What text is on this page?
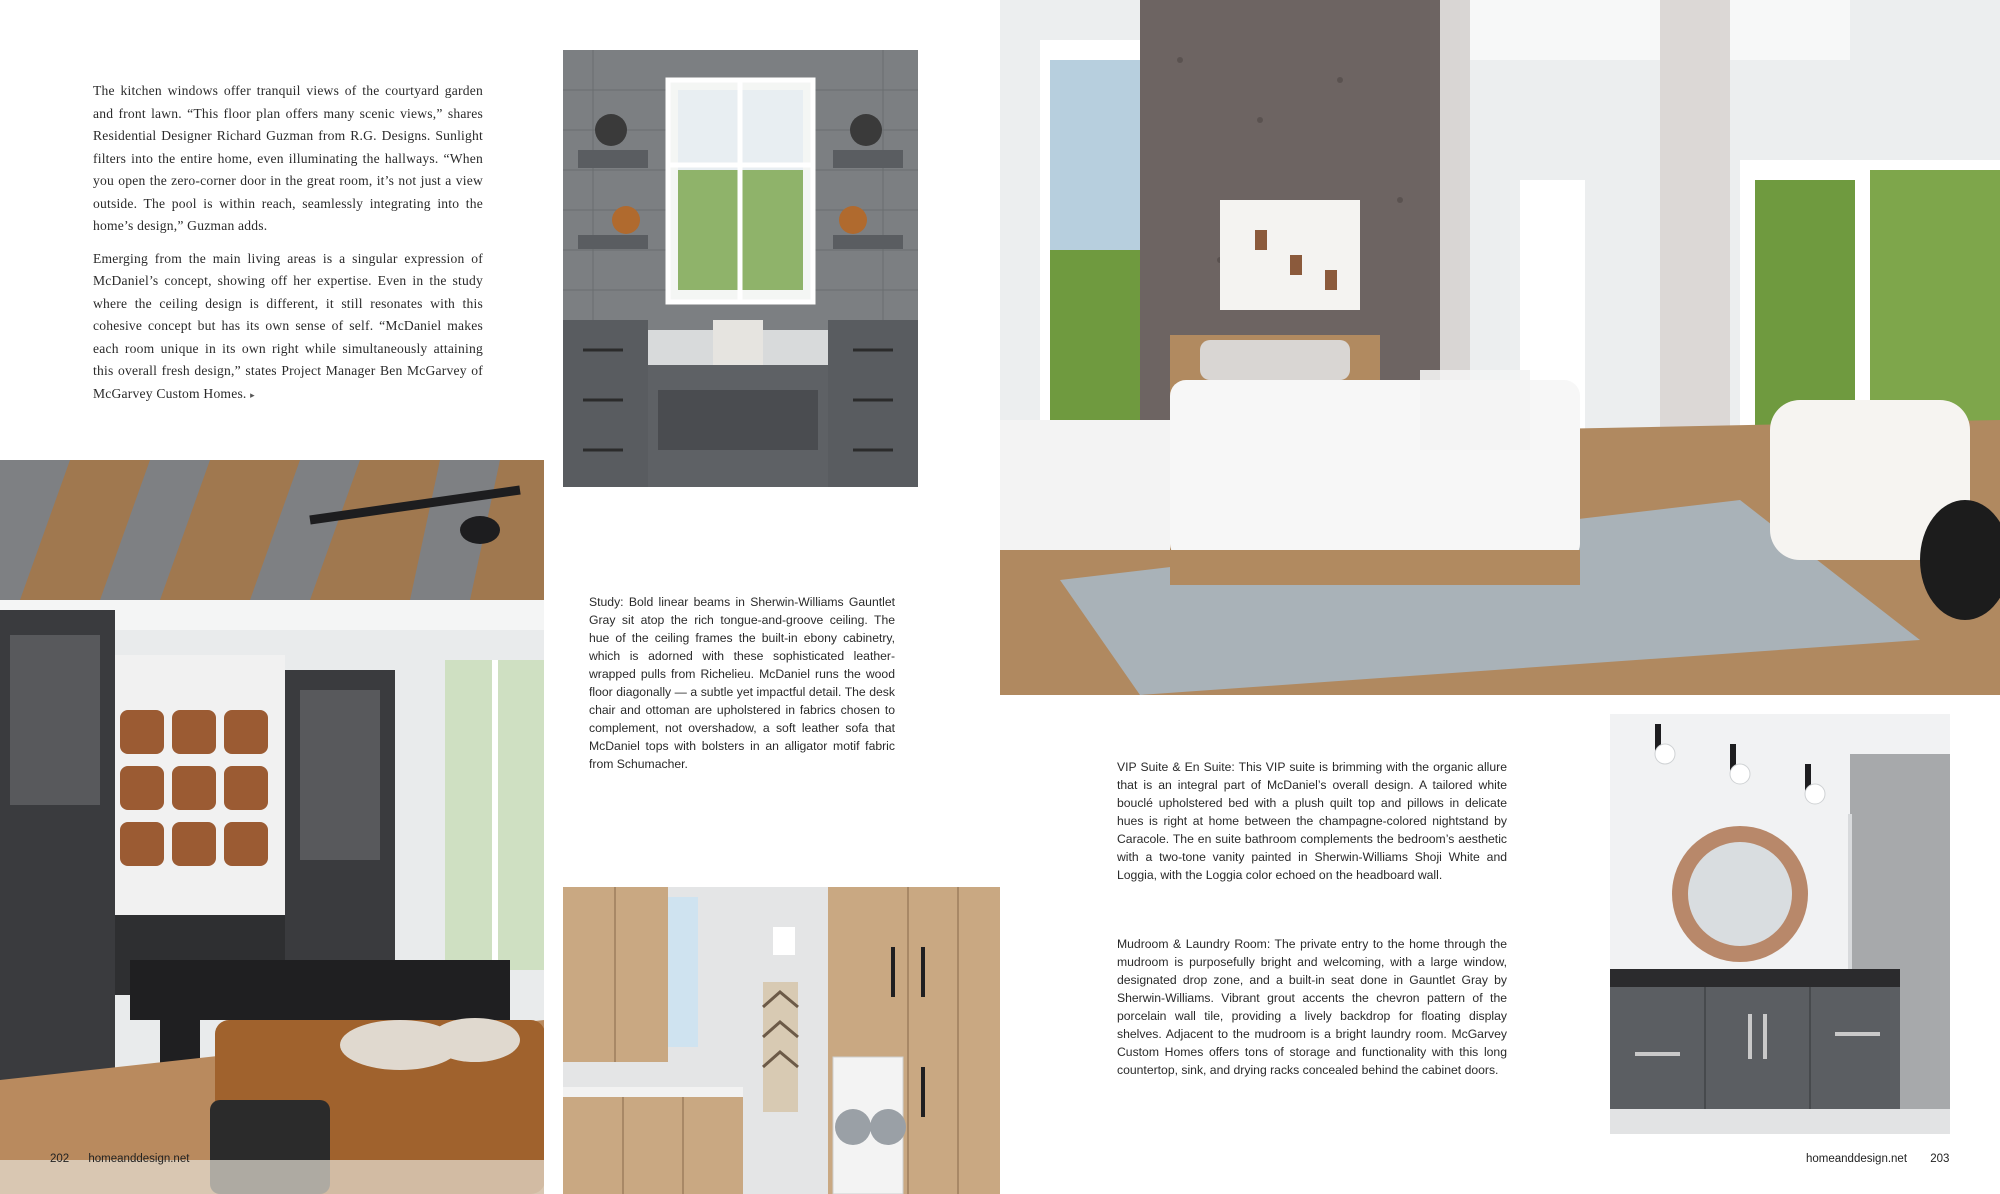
The kitchen windows offer tranquil views of the courtyard garden and front lawn. “This floor plan offers many scenic views,” shares Residential Designer Richard Guzman from R.G. Designs. Sunlight filters into the entire home, even illuminating the hallways. “When you open the zero-corner door in the great room, it’s not just a view outside. The pool is within reach, seamlessly integrating into the home’s design,” Guzman adds.

Emerging from the main living areas is a singular expression of McDaniel’s concept, showing off her expertise. Even in the study where the ceiling design is different, it still resonates with this cohesive concept but has its own sense of self. “McDaniel makes each room unique in its own right while simultaneously attaining this overall fresh design,” states Project Manager Ben McGarvey of McGarvey Custom Homes. ▸

Study: Bold linear beams in Sherwin-Williams Gauntlet Gray sit atop the rich tongue-and-groove ceiling. The hue of the ceiling frames the built-in ebony cabinetry, which is adorned with these sophisticated leather-wrapped pulls from Richelieu. McDaniel runs the wood floor diagonally — a subtle yet impactful detail. The desk chair and ottoman are upholstered in fabrics chosen to complement, not overshadow, a soft leather sofa that McDaniel tops with bolsters in an alligator motif fabric from Schumacher.

202 homeanddesign.net

VIP Suite & En Suite: This VIP suite is brimming with the organic allure that is an integral part of McDaniel’s overall design. A tailored white bouclé upholstered bed with a plush quilt top and pillows in delicate hues is right at home between the champagne-colored nightstand by Caracole. The en suite bathroom complements the bedroom’s aesthetic with a two-tone vanity painted in Sherwin-Williams Shoji White and Loggia, with the Loggia color echoed on the headboard wall.

Mudroom & Laundry Room: The private entry to the home through the mudroom is purposefully bright and welcoming, with a large window, designated drop zone, and a built-in seat done in Gauntlet Gray by Sherwin-Williams. Vibrant grout accents the chevron pattern of the porcelain wall tile, providing a lively backdrop for floating display shelves. Adjacent to the mudroom is a bright laundry room. McGarvey Custom Homes offers tons of storage and functionality with this long countertop, sink, and drying racks concealed behind the cabinet doors.

homeanddesign.net 203
